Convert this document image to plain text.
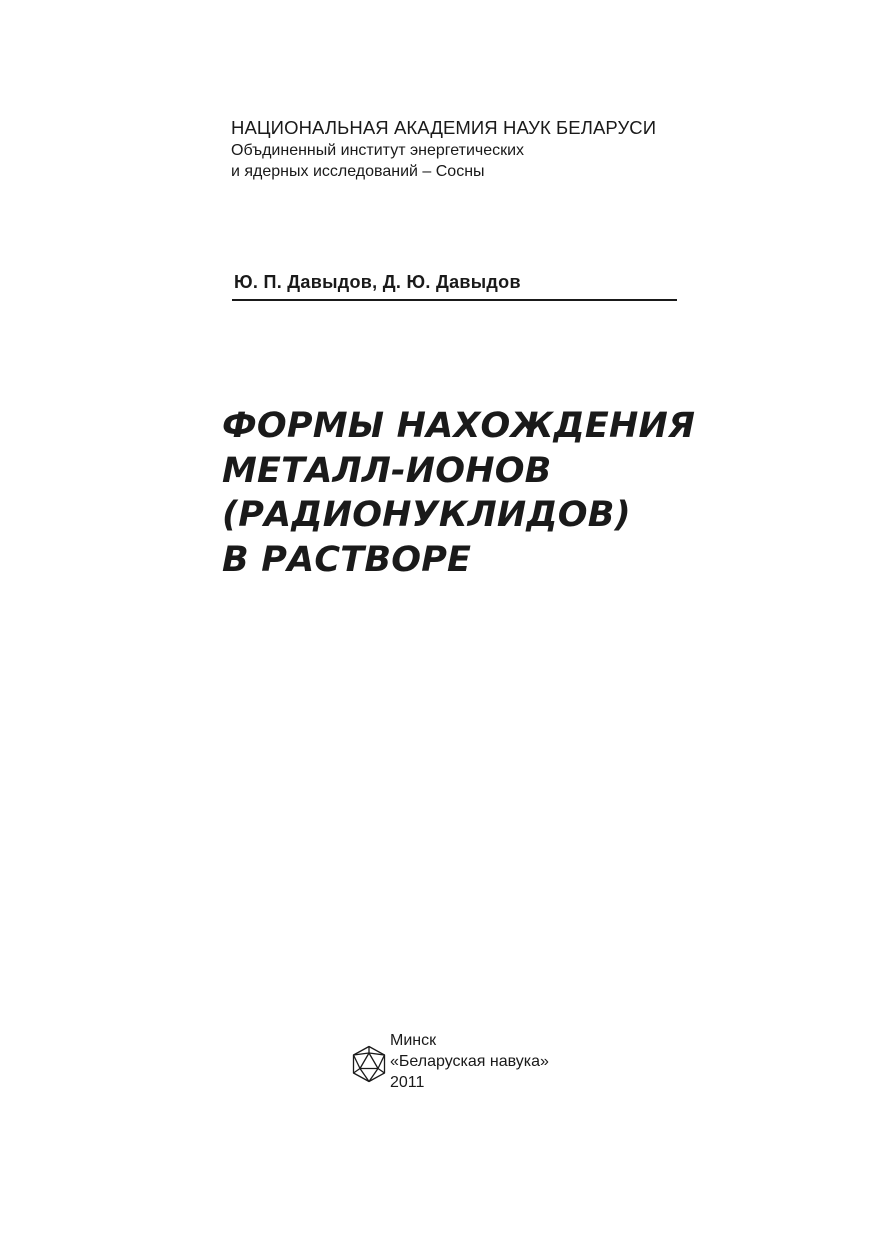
НАЦИОНАЛЬНАЯ АКАДЕМИЯ НАУК БЕЛАРУСИ
Объдиненный институт энергетических
и ядерных исследований – Сосны
Ю. П. Давыдов, Д. Ю. Давыдов
ФОРМЫ НАХОЖДЕНИЯ
МЕТАЛЛ-ИОНОВ
(РАДИОНУКЛИДОВ)
В РАСТВОРЕ
Минск
«Беларуская навука»
2011
